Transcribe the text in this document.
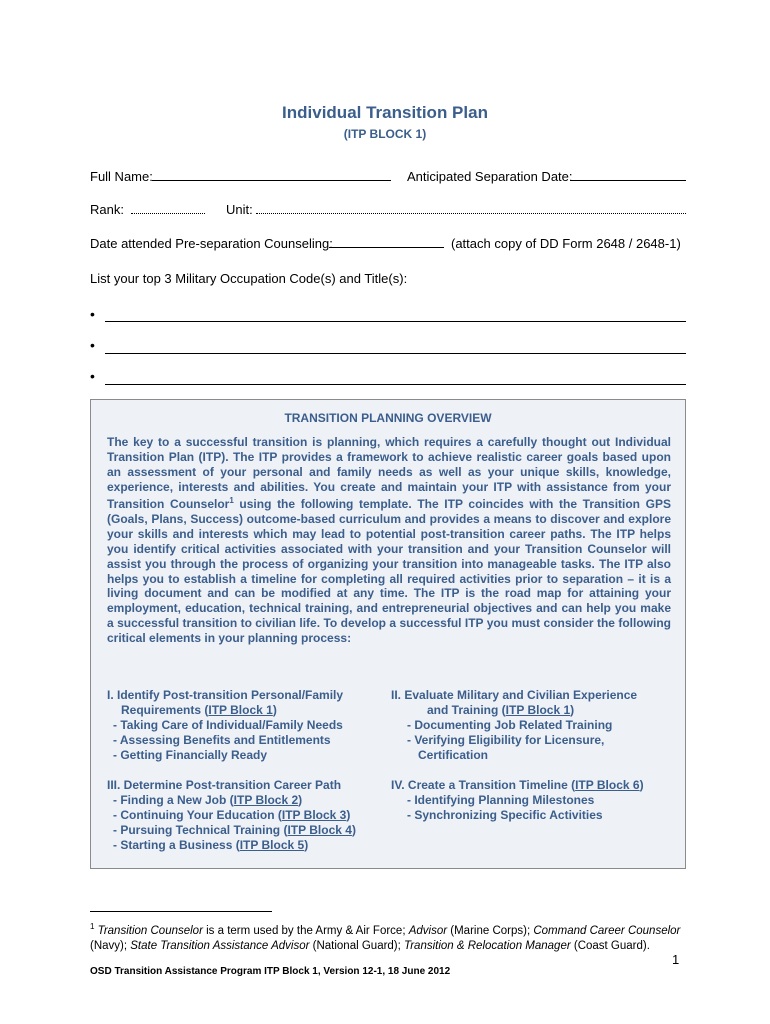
Individual Transition Plan
(ITP BLOCK 1)
Full Name:	Anticipated Separation Date:
Rank:	Unit:
Date attended Pre-separation Counseling:	(attach copy of DD Form 2648 / 2648-1)
List your top 3 Military Occupation Code(s) and Title(s):
•
•
•
TRANSITION PLANNING OVERVIEW
The key to a successful transition is planning, which requires a carefully thought out Individual Transition Plan (ITP). The ITP provides a framework to achieve realistic career goals based upon an assessment of your personal and family needs as well as your unique skills, knowledge, experience, interests and abilities. You create and maintain your ITP with assistance from your Transition Counselor$^1$ using the following template. The ITP coincides with the Transition GPS (Goals, Plans, Success) outcome-based curriculum and provides a means to discover and explore your skills and interests which may lead to potential post-transition career paths. The ITP helps you identify critical activities associated with your transition and your Transition Counselor will assist you through the process of organizing your transition into manageable tasks. The ITP also helps you to establish a timeline for completing all required activities prior to separation – it is a living document and can be modified at any time. The ITP is the road map for attaining your employment, education, technical training, and entrepreneurial objectives and can help you make a successful transition to civilian life. To develop a successful ITP you must consider the following critical elements in your planning process:
I. Identify Post-transition Personal/Family
Requirements (ITP Block 1)
- Taking Care of Individual/Family Needs
- Assessing Benefits and Entitlements
- Getting Financially Ready
II. Evaluate Military and Civilian Experience
and Training (ITP Block 1)
- Documenting Job Related Training
- Verifying Eligibility for Licensure,
Certification
III. Determine Post-transition Career Path
- Finding a New Job (ITP Block 2)
- Continuing Your Education (ITP Block 3)
- Pursuing Technical Training (ITP Block 4)
- Starting a Business (ITP Block 5)
IV. Create a Transition Timeline (ITP Block 6)
- Identifying Planning Milestones
- Synchronizing Specific Activities
$^1$ Transition Counselor is a term used by the Army & Air Force; Advisor (Marine Corps); Command Career Counselor
(Navy); State Transition Assistance Advisor (National Guard); Transition & Relocation Manager (Coast Guard).
1
OSD Transition Assistance Program ITP Block 1, Version 12-1, 18 June 2012
